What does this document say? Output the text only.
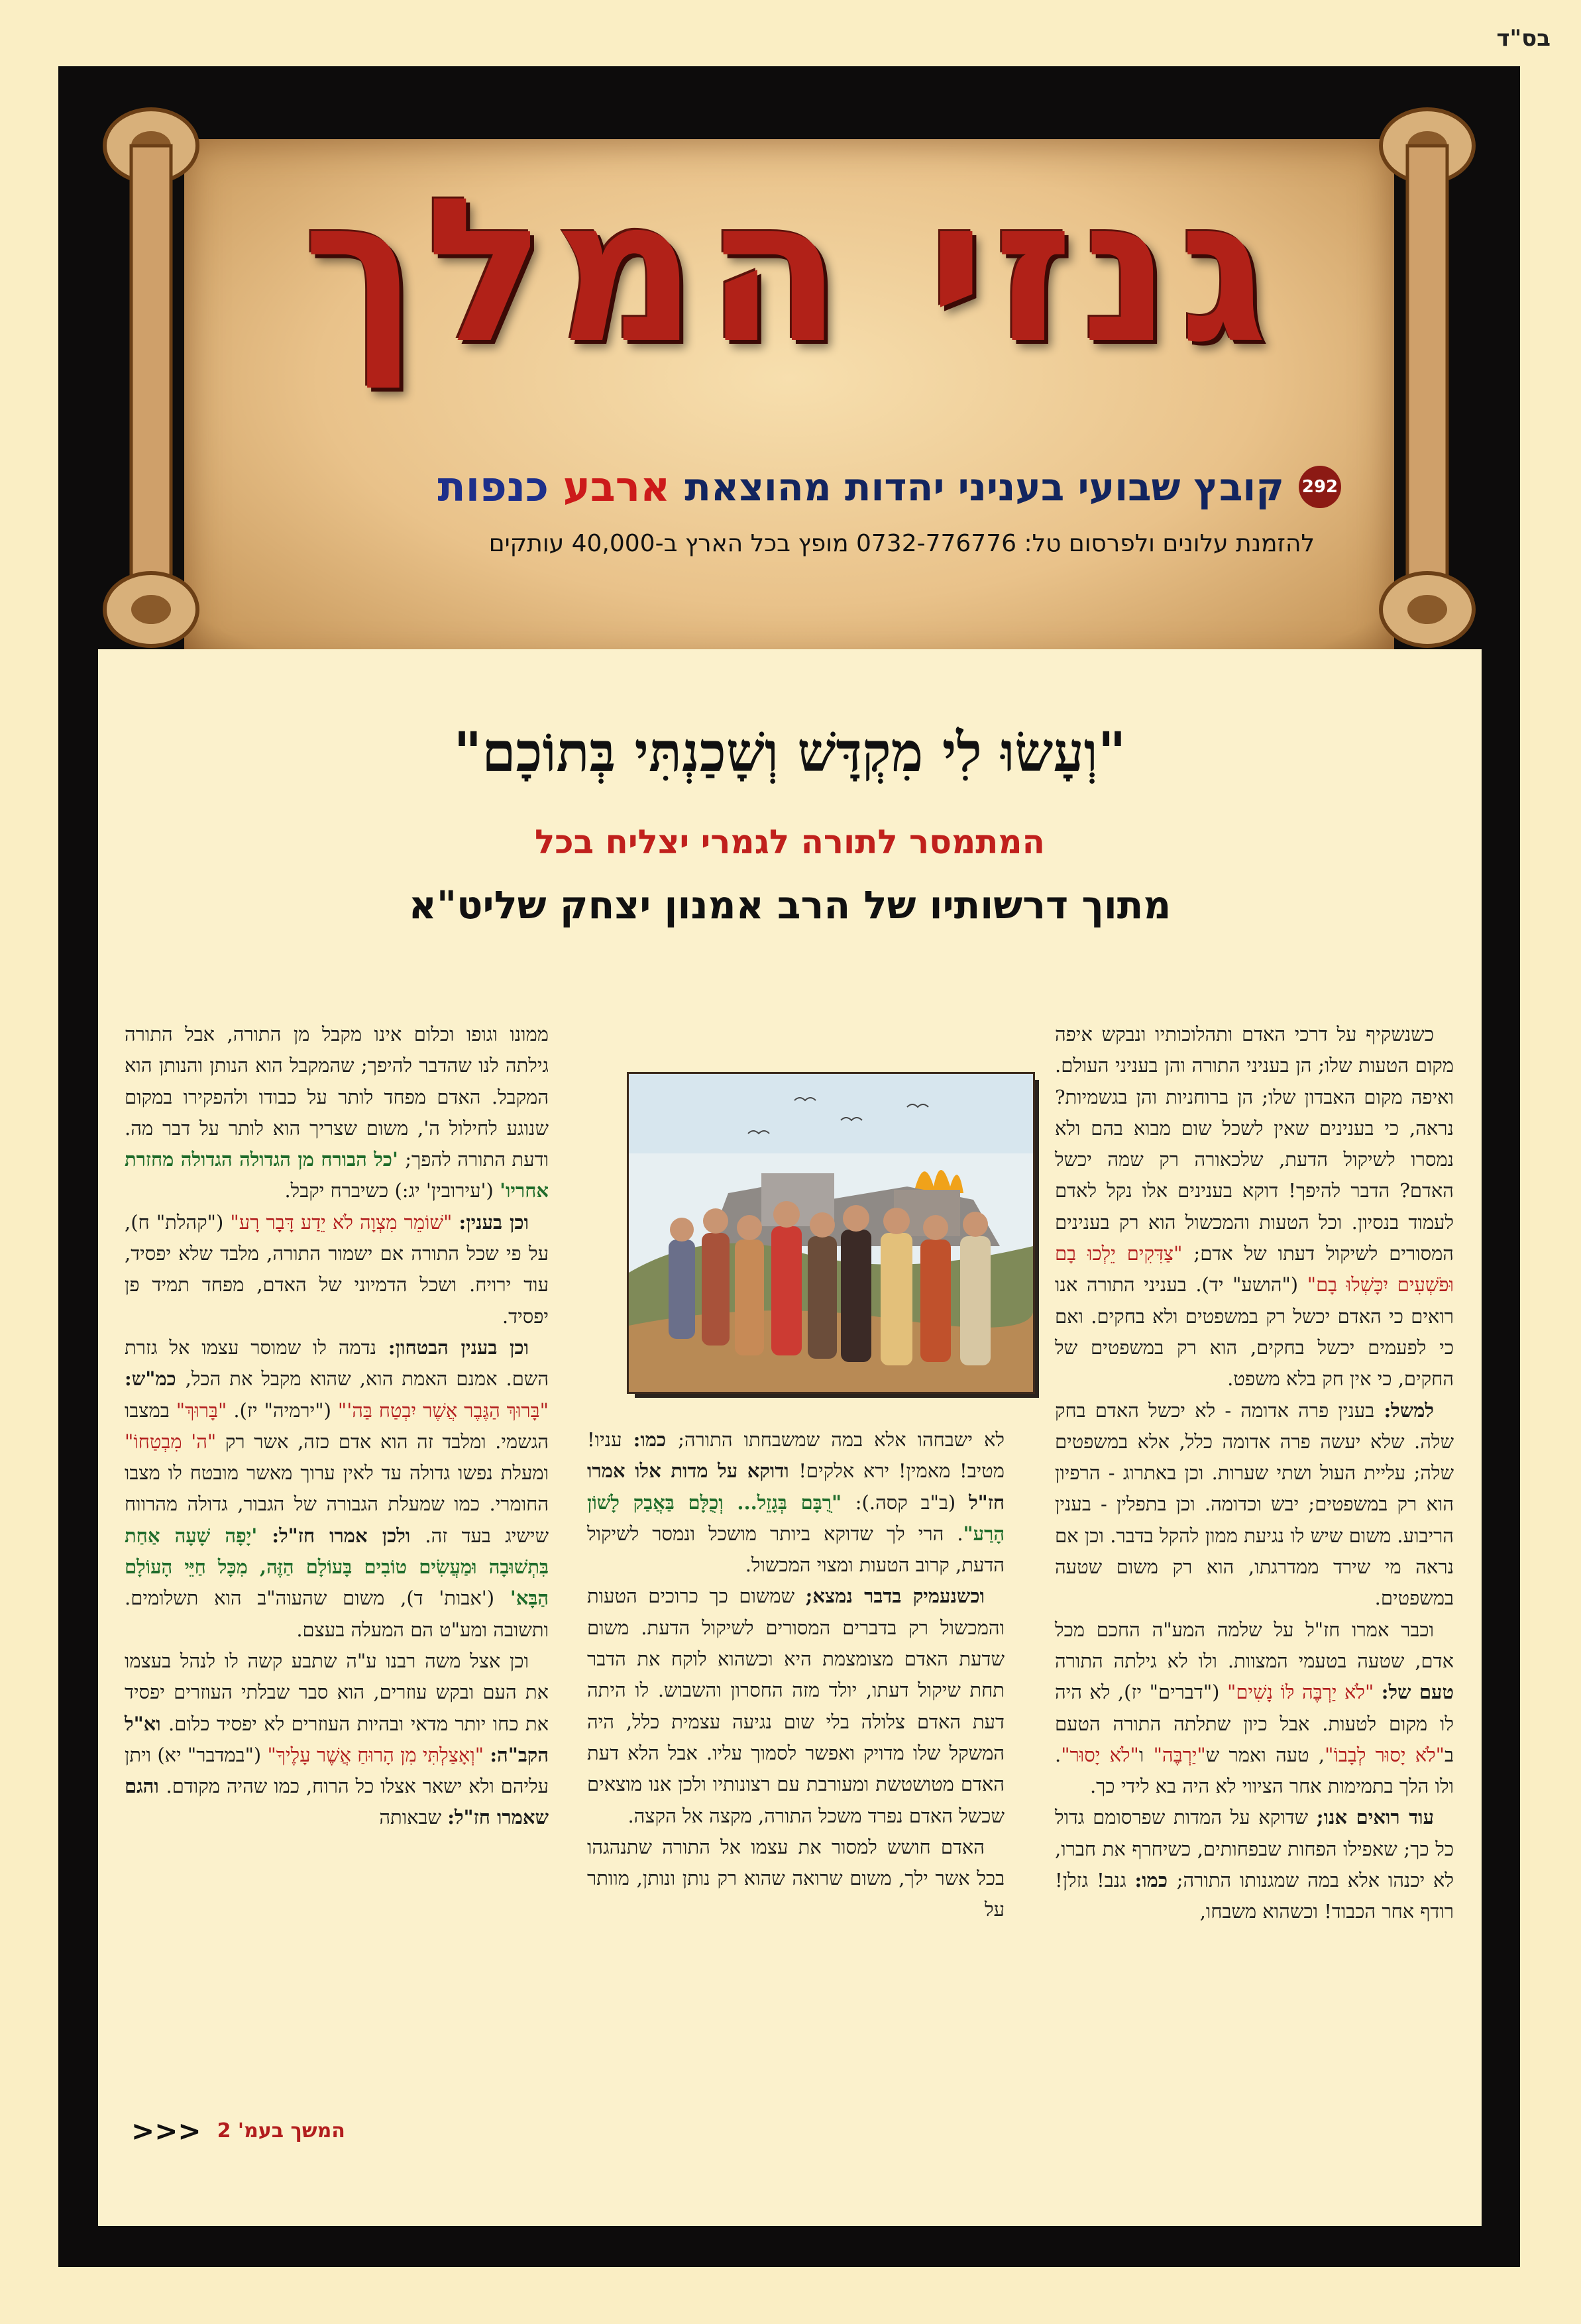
בס"ד
גנזי המלך
292
קובץ שבועי בעניני יהדות מהוצאת
ארבע כנפות
להזמנת עלונים ולפרסום טל: 0732-776776 מופץ בכל הארץ ב-40,000 עותקים
"וְעָשׂוּ לִי מִקְדָּשׁ וְשָׁכַנְתִּי בְּתוֹכָם"
המתמסר לתורה לגמרי יצליח בכל
מתוך דרשותיו של הרב אמנון יצחק שליט"א

כשנשקיף על דרכי האדם ותהלוכותיו ונבקש איפה מקום הטעות שלו; הן בעניני התורה והן בעניני העולם. ואיפה מקום האבדון שלו; הן ברוחניות והן בגשמיות? נראה, כי בענינים שאין לשכל שום מבוא בהם ולא נמסרו לשיקול הדעת, שלכאורה רק שמה יכשל האדם? הדבר להיפך! דוקא בענינים אלו נקל לאדם לעמוד בנסיון. וכל הטעות והמכשול הוא רק בענינים המסורים לשיקול דעתו של אדם; "צַדִּקִים יֵלְכוּ בָם וּפֹשְׁעִים יִכָּשְׁלוּ בָם" ("הושע" יד). בעניני התורה אנו רואים כי האדם יכשל רק במשפטים ולא בחקים. ואם כי לפעמים יכשל בחקים, הוא רק במשפטים של החקים, כי אין חק בלא משפט.

למשל: בענין פרה אדומה - לא יכשל האדם בחק שלה. שלא יעשה פרה אדומה כלל, אלא במשפטים שלה; עליית העול ושתי שערות. וכן באתרוג - הרפיון הוא רק במשפטים; יבש וכדומה. וכן בתפלין - בענין הריבוע. משום שיש לו נגיעת ממון להקל בדבר. וכן אם נראה מי שירד ממדרגתו, הוא רק משום שטעה במשפטים.

וכבר אמרו חז"ל על שלמה המע"ה החכם מכל אדם, שטעה בטעמי המצוות. ולו לא גילתה התורה טעם של: "לֹא יַרְבֶּה לּוֹ נָשִׁים" ("דברים" יז), לא היה לו מקום לטעות. אבל כיון שתלתה התורה הטעם ב"לֹא יָסוּר לְבָבוֹ", טעה ואמר ש"יַרְבֶּה" ו"לֹא יָסוּר". ולו הלך בתמימות אחר הציווי לא היה בא לידי כך.

עוד רואים אנו; שדוקא על המדות שפרסומם גדול כל כך; שאפילו הפחות שבפחותים, כשיחרף את חברו, לא יכנהו אלא במה שמגנותו התורה; כמו: גנב! גזלן! רודף אחר הכבוד! וכשהוא משבחו,

לא ישבחהו אלא במה שמשבחתו התורה; כמו: עניו! מטיב! מאמין! ירא אלקים! ודוקא על מדות אלו אמרו חז"ל (ב"ב קסה.): "רֻבָּם בְּגָזֵל... וְכֻלָּם בַּאֲבַק לָשׁוֹן הָרַע". הרי לך שדוקא ביותר מושכל ונמסר לשיקול הדעת, קרוב הטעות ומצוי המכשול.

וכשנעמיק בדבר נמצא; שמשום כך כרוכים הטעות והמכשול רק בדברים המסורים לשיקול הדעת. משום שדעת האדם מצומצמת היא וכשהוא לוקח את הדבר תחת שיקול דעתו, יולד מזה החסרון והשבוש. לו היתה דעת האדם צלולה בלי שום נגיעה עצמית כלל, היה המשקל שלו מדויק ואפשר לסמוך עליו. אבל הלא דעת האדם מטושטשת ומעורבת עם רצונותיו ולכן אנו מוצאים שכשל האדם נפרד משכל התורה, מקצה אל הקצה.

האדם חושש למסור את עצמו אל התורה שתנהגהו בכל אשר ילך, משום שרואה שהוא רק נותן ונותן, מוותר על

ממונו וגופו וכלום אינו מקבל מן התורה, אבל התורה גילתה לנו שהדבר להיפך; שהמקבל הוא הנותן והנותן הוא המקבל. האדם מפחד לותר על כבודו ולהפקירו במקום שנוגע לחילול ה', משום שצריך הוא לותר על דבר מה. ודעת התורה להפך; 'כל הבורח מן הגדולה הגדולה מחזרת אחריו' ('עירובין' יג:) כשיברח יקבל.

וכן בענין: "שׁוֹמֵר מִצְוָה לֹא יֵדַע דָּבָר רָע" ("קהלת" ח), על פי שכל התורה אם ישמור התורה, מלבד שלא יפסיד, עוד ירויח. ושכל הדמיוני של האדם, מפחד תמיד פן יפסיד.

וכן בענין הבטחון: נדמה לו שמוסר עצמו אל גזרת השם. אמנם האמת הוא, שהוא מקבל את הכל, כמ"ש: "בָּרוּךְ הַגֶּבֶר אֲשֶׁר יִבְטַח בַּה'" ("ירמיה" יז). "בָּרוּךְ" במצבו הגשמי. ומלבד זה הוא אדם כזה, אשר רק "ה' מִבְטַחוֹ" ומעלת נפשו גדולה עד לאין ערוך מאשר מובטח לו מצבו החומרי. כמו שמעלת הגבורה של הגבור, גדולה מהרווח שישיג בעד זה. ולכן אמרו חז"ל: 'יָפָה שָׁעָה אַחַת בִּתְשׁוּבָה וּמַעֲשִׂים טוֹבִים בָּעוֹלָם הַזֶּה, מִכָּל חַיֵּי הָעוֹלָם הַבָּא' ('אבות' ד), משום שהעוה"ב הוא תשלומים. ותשובה ומע"ט הם המעלה בעצם.

וכן אצל משה רבנו ע"ה שתבע קשה לו לנהל בעצמו את העם ובקש עוזרים, הוא סבר שבלתי העוזרים יפסיד את כחו יותר מדאי ובהיות העוזרים לא יפסיד כלום. וא"ל הקב"ה: "וְאָצַלְתִּי מִן הָרוּחַ אֲשֶׁר עָלֶיךָ" ("במדבר" יא) ויתן עליהם ולא ישאר אצלו כל הרוח, כמו שהיה מקודם. והגם שאמרו חז"ל: שבאותה

המשך בעמ' 2
<<<
